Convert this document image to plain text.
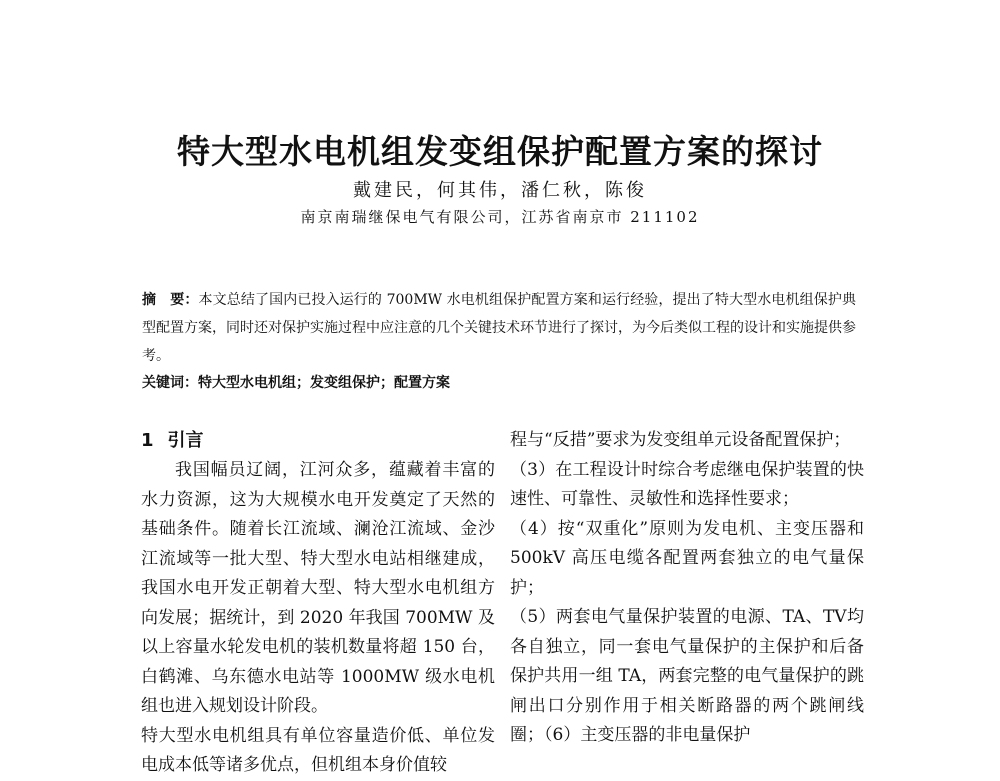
特大型水电机组发变组保护配置方案的探讨
戴建民，何其伟，潘仁秋，陈俊
南京南瑞继保电气有限公司，江苏省南京市 211102

摘　要：本文总结了国内已投入运行的 700MW 水电机组保护配置方案和运行经验，提出了特大型水电机组保护典型配置方案，同时还对保护实施过程中应注意的几个关键技术环节进行了探讨，为今后类似工程的设计和实施提供参考。

关键词：特大型水电机组；发变组保护；配置方案

1 引言

我国幅员辽阔，江河众多，蕴藏着丰富的水力资源，这为大规模水电开发奠定了天然的基础条件。随着长江流域、澜沧江流域、金沙江流域等一批大型、特大型水电站相继建成，我国水电开发正朝着大型、特大型水电机组方向发展；据统计，到 2020 年我国 700MW 及以上容量水轮发电机的装机数量将超 150 台，白鹤滩、乌东德水电站等 1000MW 级水电机组也进入规划设计阶段。

特大型水电机组具有单位容量造价低、单位发电成本低等诸多优点，但机组本身价值较

程与“反措”要求为发变组单元设备配置保护；

（3）在工程设计时综合考虑继电保护装置的快速性、可靠性、灵敏性和选择性要求；

（4）按“双重化”原则为发电机、主变压器和 500kV 高压电缆各配置两套独立的电气量保护；

（5）两套电气量保护装置的电源、TA、TV均各自独立，同一套电气量保护的主保护和后备保护共用一组 TA，两套完整的电气量保护的跳闸出口分别作用于相关断路器的两个跳闸线圈；（6）主变压器的非电量保护
